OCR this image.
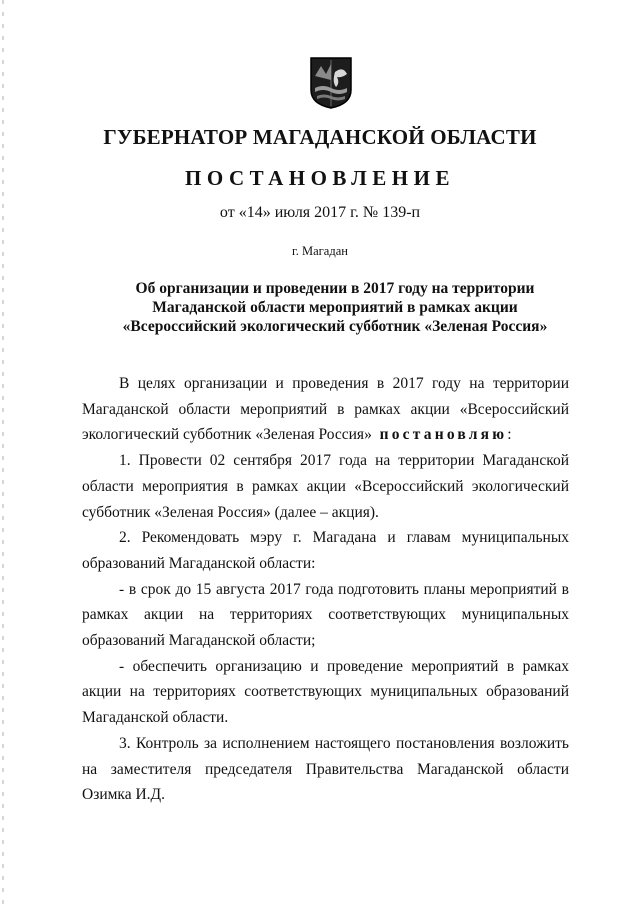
ГУБЕРНАТОР МАГАДАНСКОЙ ОБЛАСТИ
ПОСТАНОВЛЕНИЕ
от «14» июля 2017 г. № 139-п
г. Магадан
Об организации и проведении в 2017 году на территории
Магаданской области мероприятий в рамках акции
«Всероссийский экологический субботник «Зеленая Россия»

В целях организации и проведения в 2017 году на территории Магаданской области мероприятий в рамках акции «Всероссийский экологический субботник «Зеленая Россия» постановляю:

1. Провести 02 сентября 2017 года на территории Магаданской области мероприятия в рамках акции «Всероссийский экологический субботник «Зеленая Россия» (далее – акция).

2. Рекомендовать мэру г. Магадана и главам муниципальных образований Магаданской области:

- в срок до 15 августа 2017 года подготовить планы мероприятий в рамках акции на территориях соответствующих муниципальных образований Магаданской области;

- обеспечить организацию и проведение мероприятий в рамках акции на территориях соответствующих муниципальных образований Магаданской области.

3. Контроль за исполнением настоящего постановления возложить на заместителя председателя Правительства Магаданской области Озимка И.Д.
